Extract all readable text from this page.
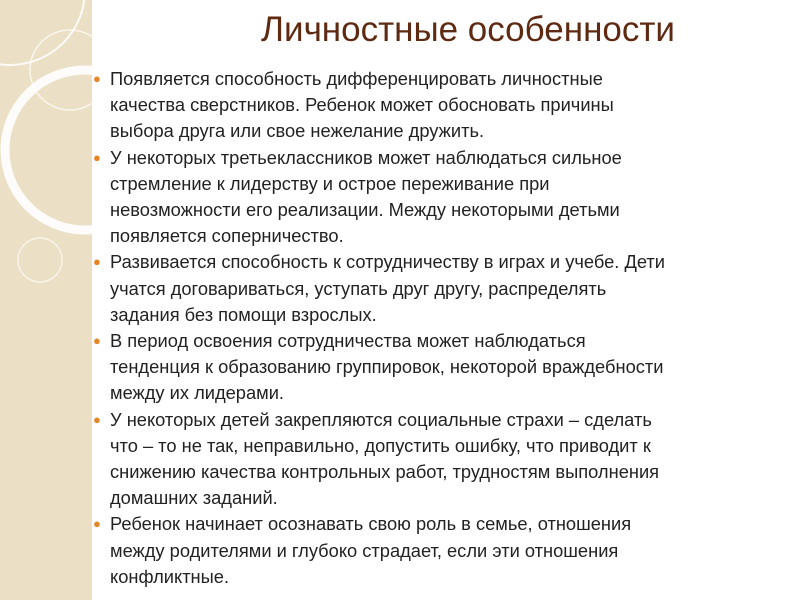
Личностные особенности
● Появляется способность дифференцировать личностные
качества сверстников. Ребенок может обосновать причины
выбора друга или свое нежелание дружить.
● У некоторых третьеклассников может наблюдаться сильное
стремление к лидерству и острое переживание при
невозможности его реализации. Между некоторыми детьми
появляется соперничество.
● Развивается способность к сотрудничеству в играх и учебе. Дети
учатся договариваться, уступать друг другу, распределять
задания без помощи взрослых.
● В период освоения сотрудничества может наблюдаться
тенденция к образованию группировок, некоторой враждебности
между их лидерами.
● У некоторых детей закрепляются социальные страхи – сделать
что – то не так, неправильно, допустить ошибку, что приводит к
снижению качества контрольных работ, трудностям выполнения
домашних заданий.
● Ребенок начинает осознавать свою роль в семье, отношения
между родителями и глубоко страдает, если эти отношения
конфликтные.
